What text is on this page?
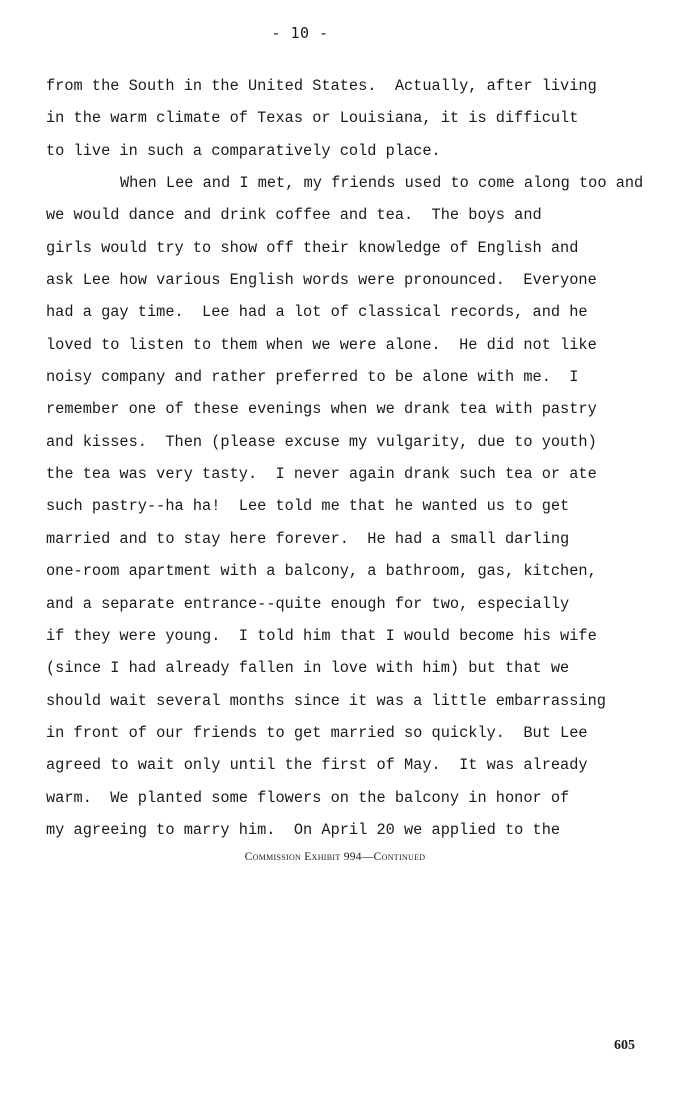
- 10 -
from the South in the United States.  Actually, after living
in the warm climate of Texas or Louisiana, it is difficult
to live in such a comparatively cold place.
When Lee and I met, my friends used to come along too and
we would dance and drink coffee and tea.  The boys and
girls would try to show off their knowledge of English and
ask Lee how various English words were pronounced.  Everyone
had a gay time.  Lee had a lot of classical records, and he
loved to listen to them when we were alone.  He did not like
noisy company and rather preferred to be alone with me.  I
remember one of these evenings when we drank tea with pastry
and kisses.  Then (please excuse my vulgarity, due to youth)
the tea was very tasty.  I never again drank such tea or ate
such pastry--ha ha!  Lee told me that he wanted us to get
married and to stay here forever.  He had a small darling
one-room apartment with a balcony, a bathroom, gas, kitchen,
and a separate entrance--quite enough for two, especially
if they were young.  I told him that I would become his wife
(since I had already fallen in love with him) but that we
should wait several months since it was a little embarrassing
in front of our friends to get married so quickly.  But Lee
agreed to wait only until the first of May.  It was already
warm.  We planted some flowers on the balcony in honor of
my agreeing to marry him.  On April 20 we applied to the
Commission Exhibit 994—Continued
605
